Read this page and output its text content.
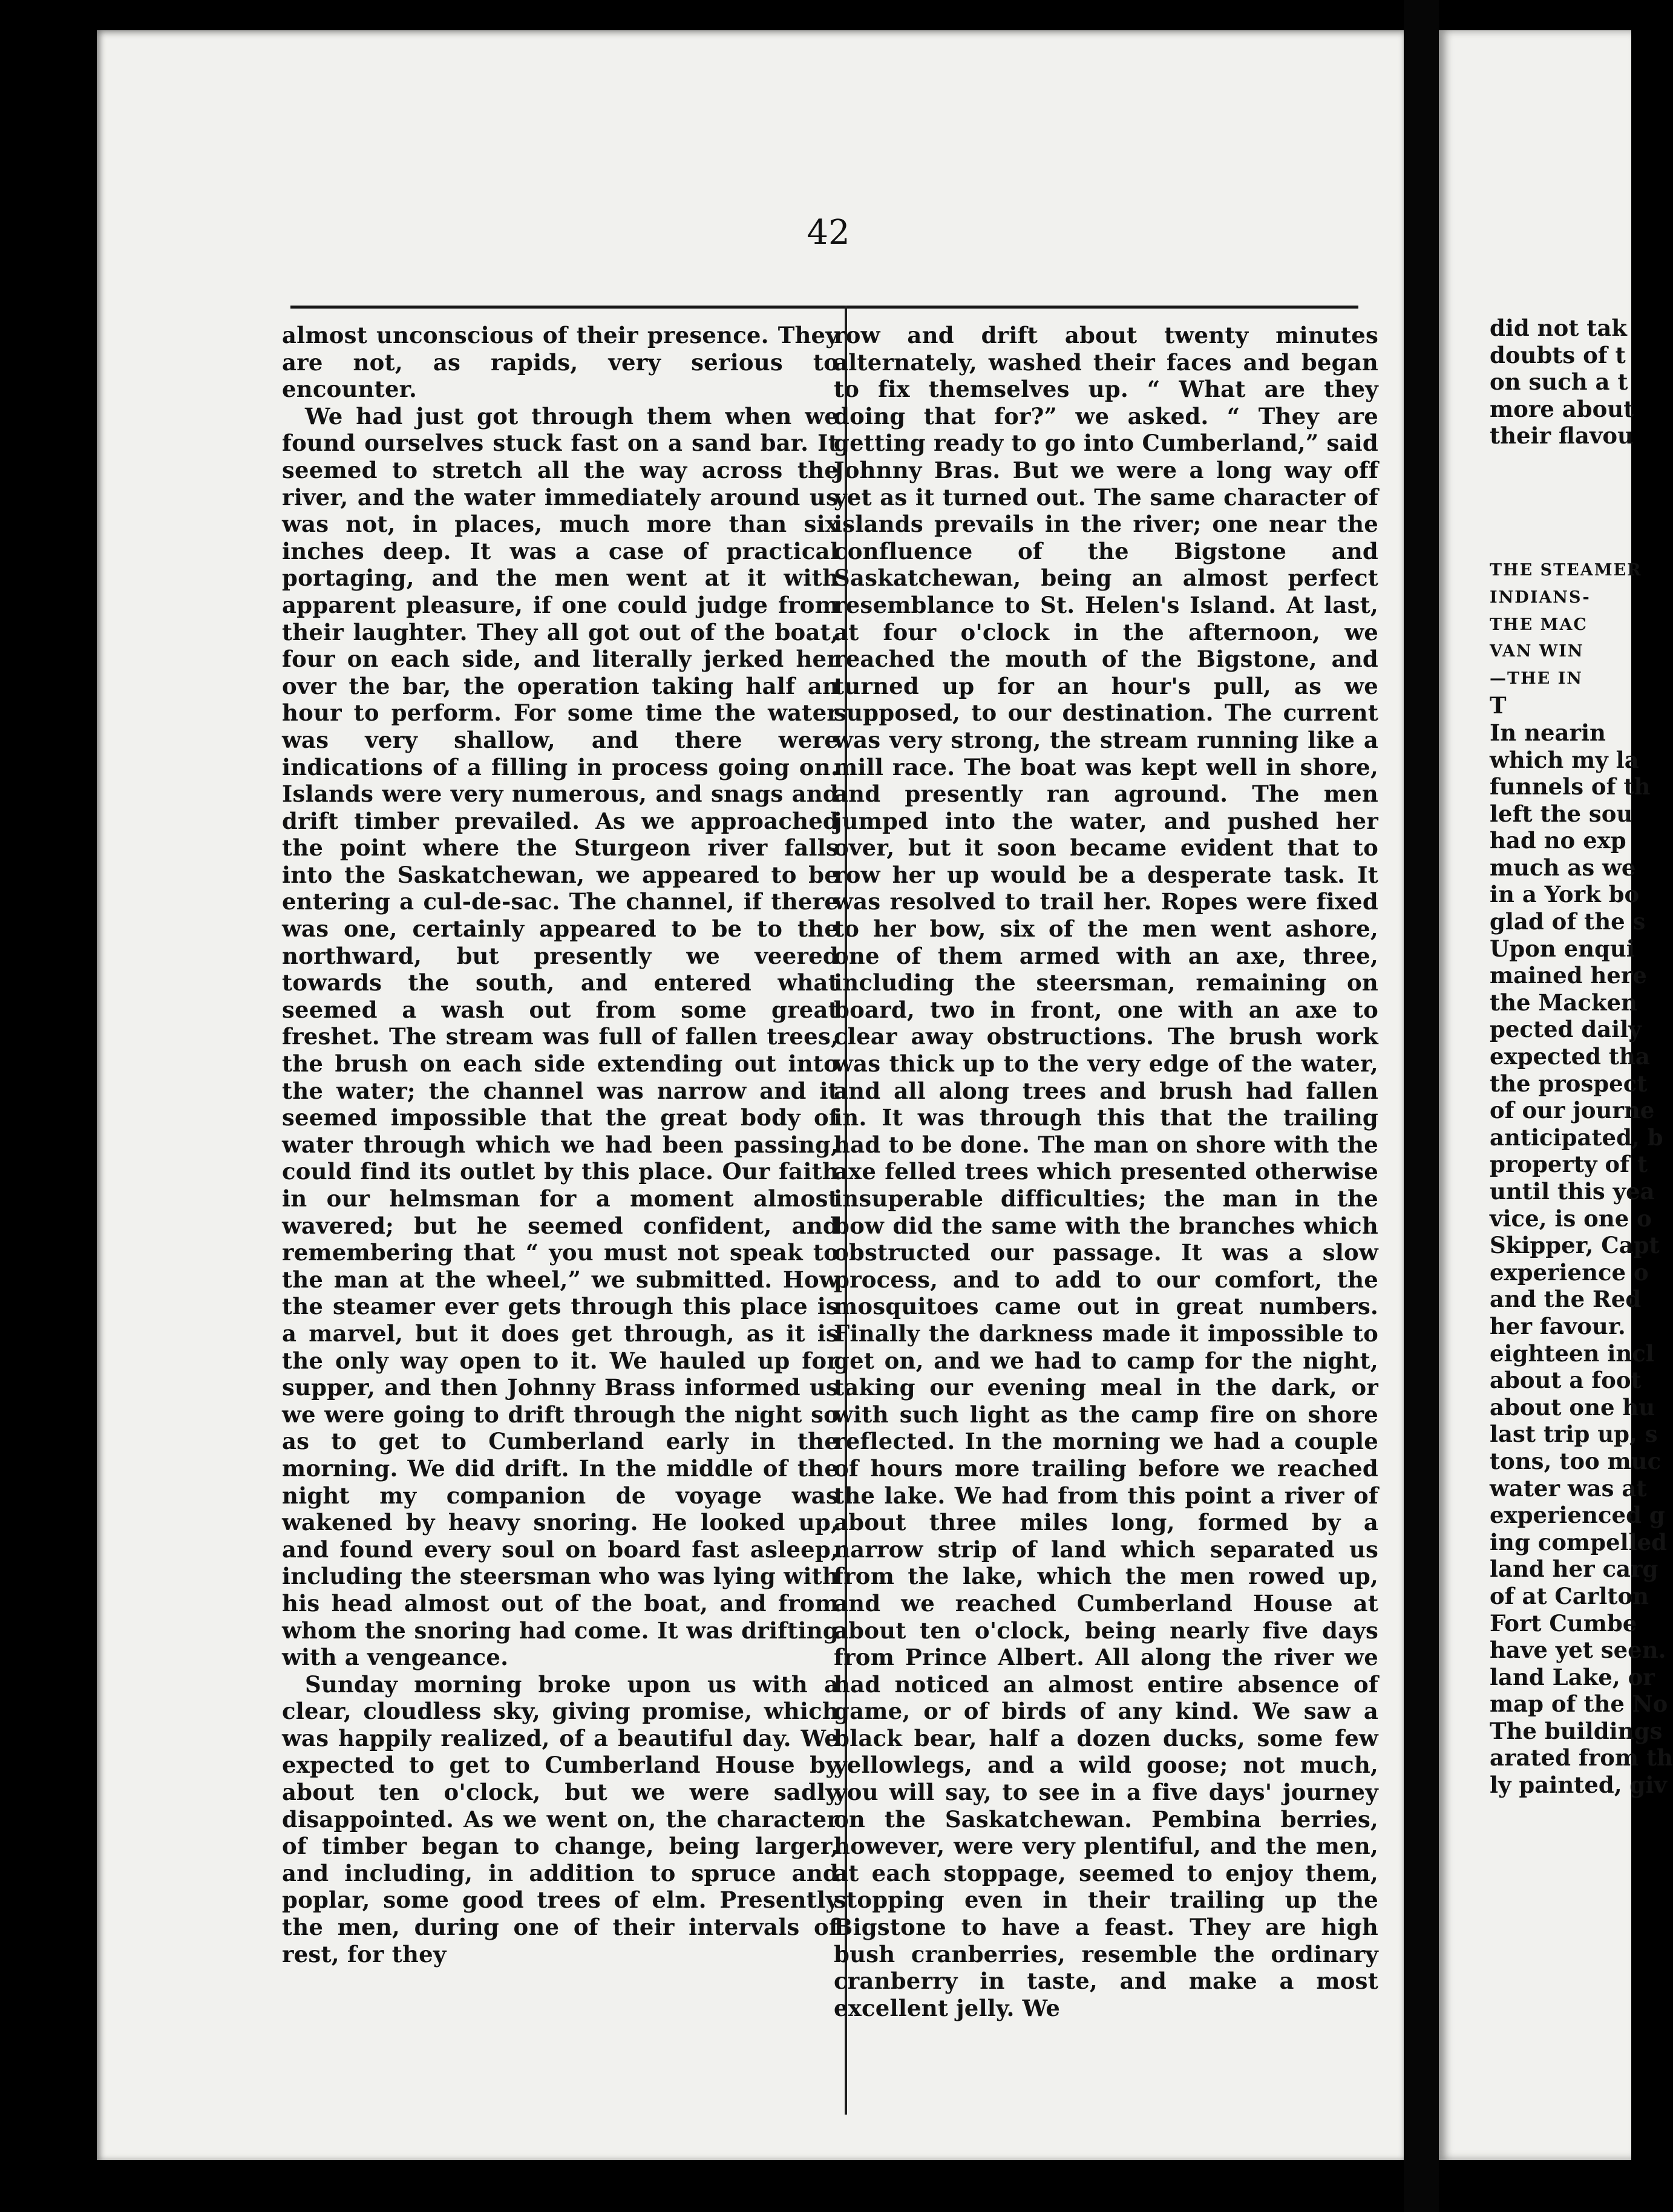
42

almost unconscious of their presence. They are not, as rapids, very serious to encounter.

We had just got through them when we found ourselves stuck fast on a sand bar. It seemed to stretch all the way across the river, and the water immediately around us was not, in places, much more than six inches deep. It was a case of practical portaging, and the men went at it with apparent pleasure, if one could judge from their laughter. They all got out of the boat, four on each side, and literally jerked her over the bar, the operation taking half an hour to perform. For some time the water was very shallow, and there were indications of a filling in process going on. Islands were very numerous, and snags and drift timber prevailed. As we approached the point where the Sturgeon river falls into the Saskatchewan, we appeared to be entering a cul-de-sac. The channel, if there was one, certainly appeared to be to the northward, but presently we veered towards the south, and entered what seemed a wash out from some great freshet. The stream was full of fallen trees, the brush on each side extending out into the water; the channel was narrow and it seemed impossible that the great body of water through which we had been passing, could find its outlet by this place. Our faith in our helmsman for a moment almost wavered; but he seemed confident, and remembering that “ you must not speak to the man at the wheel,” we submitted. How the steamer ever gets through this place is a marvel, but it does get through, as it is the only way open to it. We hauled up for supper, and then Johnny Brass informed us we were going to drift through the night so as to get to Cumberland early in the morning. We did drift. In the middle of the night my companion de voyage was wakened by heavy snoring. He looked up, and found every soul on board fast asleep, including the steersman who was lying with his head almost out of the boat, and from whom the snoring had come. It was drifting with a vengeance.

Sunday morning broke upon us with a clear, cloudless sky, giving promise, which was happily realized, of a beautiful day. We expected to get to Cumberland House by about ten o'clock, but we were sadly disappointed. As we went on, the character of timber began to change, being larger, and including, in addition to spruce and poplar, some good trees of elm. Presently the men, during one of their intervals of rest, for they

row and drift about twenty minutes alternately, washed their faces and began to fix themselves up. “ What are they doing that for?” we asked. “ They are getting ready to go into Cumberland,” said Johnny Bras. But we were a long way off yet as it turned out. The same character of islands prevails in the river; one near the confluence of the Bigstone and Saskatchewan, being an almost perfect resemblance to St. Helen's Island. At last, at four o'clock in the afternoon, we reached the mouth of the Bigstone, and turned up for an hour's pull, as we supposed, to our destination. The current was very strong, the stream running like a mill race. The boat was kept well in shore, and presently ran aground. The men jumped into the water, and pushed her over, but it soon became evident that to row her up would be a desperate task. It was resolved to trail her. Ropes were fixed to her bow, six of the men went ashore, one of them armed with an axe, three, including the steersman, remaining on board, two in front, one with an axe to clear away obstructions. The brush work was thick up to the very edge of the water, and all along trees and brush had fallen in. It was through this that the trailing had to be done. The man on shore with the axe felled trees which presented otherwise insuperable difficulties; the man in the bow did the same with the branches which obstructed our passage. It was a slow process, and to add to our comfort, the mosquitoes came out in great numbers. Finally the darkness made it impossible to get on, and we had to camp for the night, taking our evening meal in the dark, or with such light as the camp fire on shore reflected. In the morning we had a couple of hours more trailing before we reached the lake. We had from this point a river of about three miles long, formed by a narrow strip of land which separated us from the lake, which the men rowed up, and we reached Cumberland House at about ten o'clock, being nearly five days from Prince Albert. All along the river we had noticed an almost entire absence of game, or of birds of any kind. We saw a black bear, half a dozen ducks, some few yellowlegs, and a wild goose; not much, you will say, to see in a five days' journey on the Saskatchewan. Pembina berries, however, were very plentiful, and the men, at each stoppage, seemed to enjoy them, stopping even in their trailing up the Bigstone to have a feast. They are high bush cranberries, resemble the ordinary cranberry in taste, and make a most excellent jelly. We

did not tak
doubts of t
on such a t
more about
their flavou
THE STEAMER
INDIANS-
THE MAC
VAN WIN
—THE IN
T
In nearin
which my la
funnels of th
left the sou
had no exp
much as we
in a York bo
glad of the s
Upon enqui
mained here
the Macken
pected daily
expected tha
the prospect
of our journe
anticipated, b
property of t
until this yea
vice, is one o
Skipper, Capt
experience o
and the Red
her favour.
eighteen incl
about a foot
about one hu
last trip up, s
tons, too muc
water was at
experienced g
ing compelled
land her carg
of at Carlton
Fort Cumbe
have yet seen.
land Lake, or
map of the No
The buildings
arated from th
ly painted, giv
